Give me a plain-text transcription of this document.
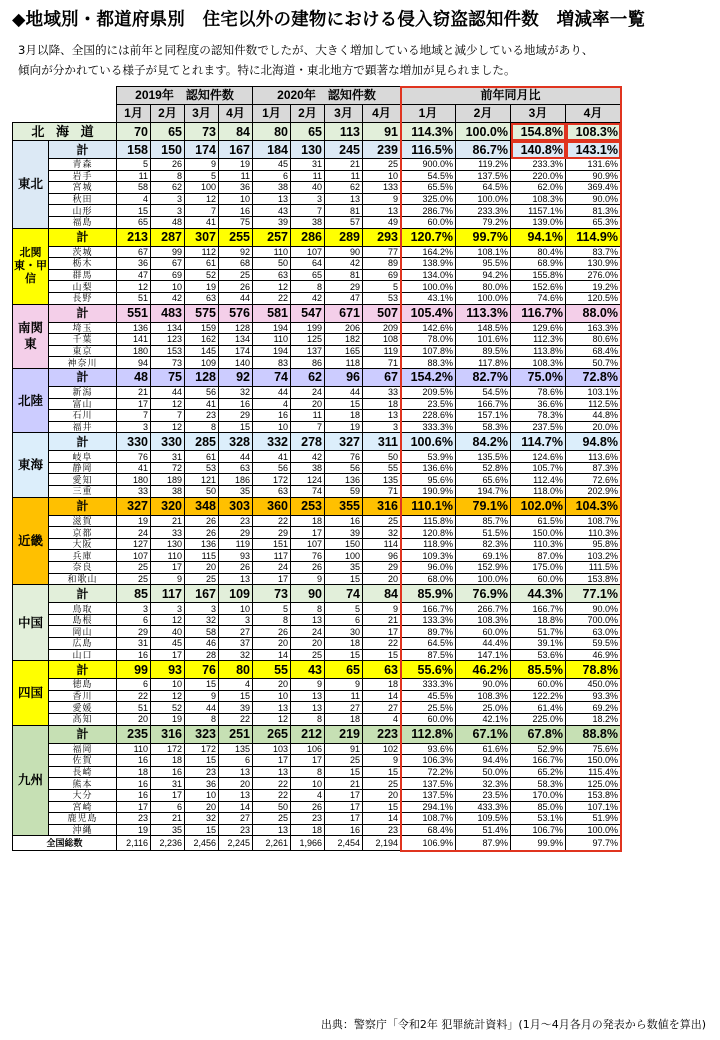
◆地域別・都道府県別　住宅以外の建物における侵入窃盗認知件数　増減率一覧
3月以降、全国的には前年と同程度の認知件数でしたが、大きく増加している地域と減少している地域があり、
傾向が分かれている様子が見てとれます。特に北海道・東北地方で顕著な増加が見られました。
		2019年　認知件数				2020年　認知件数				前年同月比			
		1月	2月	3月	4月	1月	2月	3月	4月	1月	2月	3月	4月
北 海 道		70	65	73	84	80	65	113	91	114.3%	100.0%	154.8%	108.3%
東北	計	158	150	174	167	184	130	245	239	116.5%	86.7%	140.8%	143.1%
	青森	5	26	9	19	45	31	21	25	900.0%	119.2%	233.3%	131.6%
	岩手	11	8	5	11	6	11	11	10	54.5%	137.5%	220.0%	90.9%
	宮城	58	62	100	36	38	40	62	133	65.5%	64.5%	62.0%	369.4%
	秋田	4	3	12	10	13	3	13	9	325.0%	100.0%	108.3%	90.0%
	山形	15	3	7	16	43	7	81	13	286.7%	233.3%	1157.1%	81.3%
	福島	65	48	41	75	39	38	57	49	60.0%	79.2%	139.0%	65.3%
北関東・甲信	計	213	287	307	255	257	286	289	293	120.7%	99.7%	94.1%	114.9%
	茨城	67	99	112	92	110	107	90	77	164.2%	108.1%	80.4%	83.7%
	栃木	36	67	61	68	50	64	42	89	138.9%	95.5%	68.9%	130.9%
	群馬	47	69	52	25	63	65	81	69	134.0%	94.2%	155.8%	276.0%
	山梨	12	10	19	26	12	8	29	5	100.0%	80.0%	152.6%	19.2%
	長野	51	42	63	44	22	42	47	53	43.1%	100.0%	74.6%	120.5%
南関東	計	551	483	575	576	581	547	671	507	105.4%	113.3%	116.7%	88.0%
	埼玉	136	134	159	128	194	199	206	209	142.6%	148.5%	129.6%	163.3%
	千葉	141	123	162	134	110	125	182	108	78.0%	101.6%	112.3%	80.6%
	東京	180	153	145	174	194	137	165	119	107.8%	89.5%	113.8%	68.4%
	神奈川	94	73	109	140	83	86	118	71	88.3%	117.8%	108.3%	50.7%
北陸	計	48	75	128	92	74	62	96	67	154.2%	82.7%	75.0%	72.8%
	新潟	21	44	56	32	44	24	44	33	209.5%	54.5%	78.6%	103.1%
	富山	17	12	41	16	4	20	15	18	23.5%	166.7%	36.6%	112.5%
	石川	7	7	23	29	16	11	18	13	228.6%	157.1%	78.3%	44.8%
	福井	3	12	8	15	10	7	19	3	333.3%	58.3%	237.5%	20.0%
東海	計	330	330	285	328	332	278	327	311	100.6%	84.2%	114.7%	94.8%
	岐阜	76	31	61	44	41	42	76	50	53.9%	135.5%	124.6%	113.6%
	静岡	41	72	53	63	56	38	56	55	136.6%	52.8%	105.7%	87.3%
	愛知	180	189	121	186	172	124	136	135	95.6%	65.6%	112.4%	72.6%
	三重	33	38	50	35	63	74	59	71	190.9%	194.7%	118.0%	202.9%
近畿	計	327	320	348	303	360	253	355	316	110.1%	79.1%	102.0%	104.3%
	滋賀	19	21	26	23	22	18	16	25	115.8%	85.7%	61.5%	108.7%
	京都	24	33	26	29	29	17	39	32	120.8%	51.5%	150.0%	110.3%
	大阪	127	130	136	119	151	107	150	114	118.9%	82.3%	110.3%	95.8%
	兵庫	107	110	115	93	117	76	100	96	109.3%	69.1%	87.0%	103.2%
	奈良	25	17	20	26	24	26	35	29	96.0%	152.9%	175.0%	111.5%
	和歌山	25	9	25	13	17	9	15	20	68.0%	100.0%	60.0%	153.8%
中国	計	85	117	167	109	73	90	74	84	85.9%	76.9%	44.3%	77.1%
	鳥取	3	3	3	10	5	8	5	9	166.7%	266.7%	166.7%	90.0%
	島根	6	12	32	3	8	13	6	21	133.3%	108.3%	18.8%	700.0%
	岡山	29	40	58	27	26	24	30	17	89.7%	60.0%	51.7%	63.0%
	広島	31	45	46	37	20	20	18	22	64.5%	44.4%	39.1%	59.5%
	山口	16	17	28	32	14	25	15	15	87.5%	147.1%	53.6%	46.9%
四国	計	99	93	76	80	55	43	65	63	55.6%	46.2%	85.5%	78.8%
	徳島	6	10	15	4	20	9	9	18	333.3%	90.0%	60.0%	450.0%
	香川	22	12	9	15	10	13	11	14	45.5%	108.3%	122.2%	93.3%
	愛媛	51	52	44	39	13	13	27	27	25.5%	25.0%	61.4%	69.2%
	高知	20	19	8	22	12	8	18	4	60.0%	42.1%	225.0%	18.2%
九州	計	235	316	323	251	265	212	219	223	112.8%	67.1%	67.8%	88.8%
	福岡	110	172	172	135	103	106	91	102	93.6%	61.6%	52.9%	75.6%
	佐賀	16	18	15	6	17	17	25	9	106.3%	94.4%	166.7%	150.0%
	長崎	18	16	23	13	13	8	15	15	72.2%	50.0%	65.2%	115.4%
	熊本	16	31	36	20	22	10	21	25	137.5%	32.3%	58.3%	125.0%
	大分	16	17	10	13	22	4	17	20	137.5%	23.5%	170.0%	153.8%
	宮崎	17	6	20	14	50	26	17	15	294.1%	433.3%	85.0%	107.1%
	鹿児島	23	21	32	27	25	23	17	14	108.7%	109.5%	53.1%	51.9%
	沖縄	19	35	15	23	13	18	16	23	68.4%	51.4%	106.7%	100.0%
全国総数		2,116	2,236	2,456	2,245	2,261	1,966	2,454	2,194	106.9%	87.9%	99.9%	97.7%
出典：警察庁「令和2年 犯罪統計資料」(1月～4月各月の発表から数値を算出)
